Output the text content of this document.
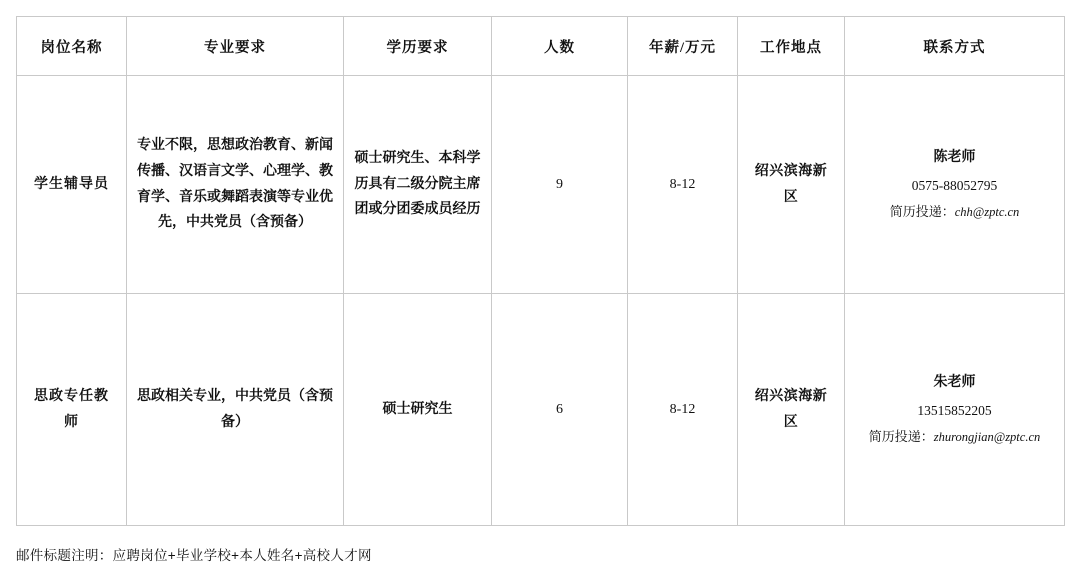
岗位名称	专业要求	学历要求	人数	年薪/万元	工作地点	联系方式
学生辅导员	专业不限，思想政治教育、新闻传播、汉语言文学、心理学、教育学、音乐或舞蹈表演等专业优先，中共党员（含预备）	硕士研究生、本科学历具有二级分院主席团或分团委成员经历	9	8-12	绍兴滨海新区	陈老师
0575-88052795
简历投递：chh@zptc.cn

思政专任教师	思政相关专业，中共党员（含预备）	硕士研究生	6	8-12	绍兴滨海新区	朱老师
13515852205
简历投递：zhurongjian@zptc.cn
邮件标题注明：应聘岗位+毕业学校+本人姓名+高校人才网
